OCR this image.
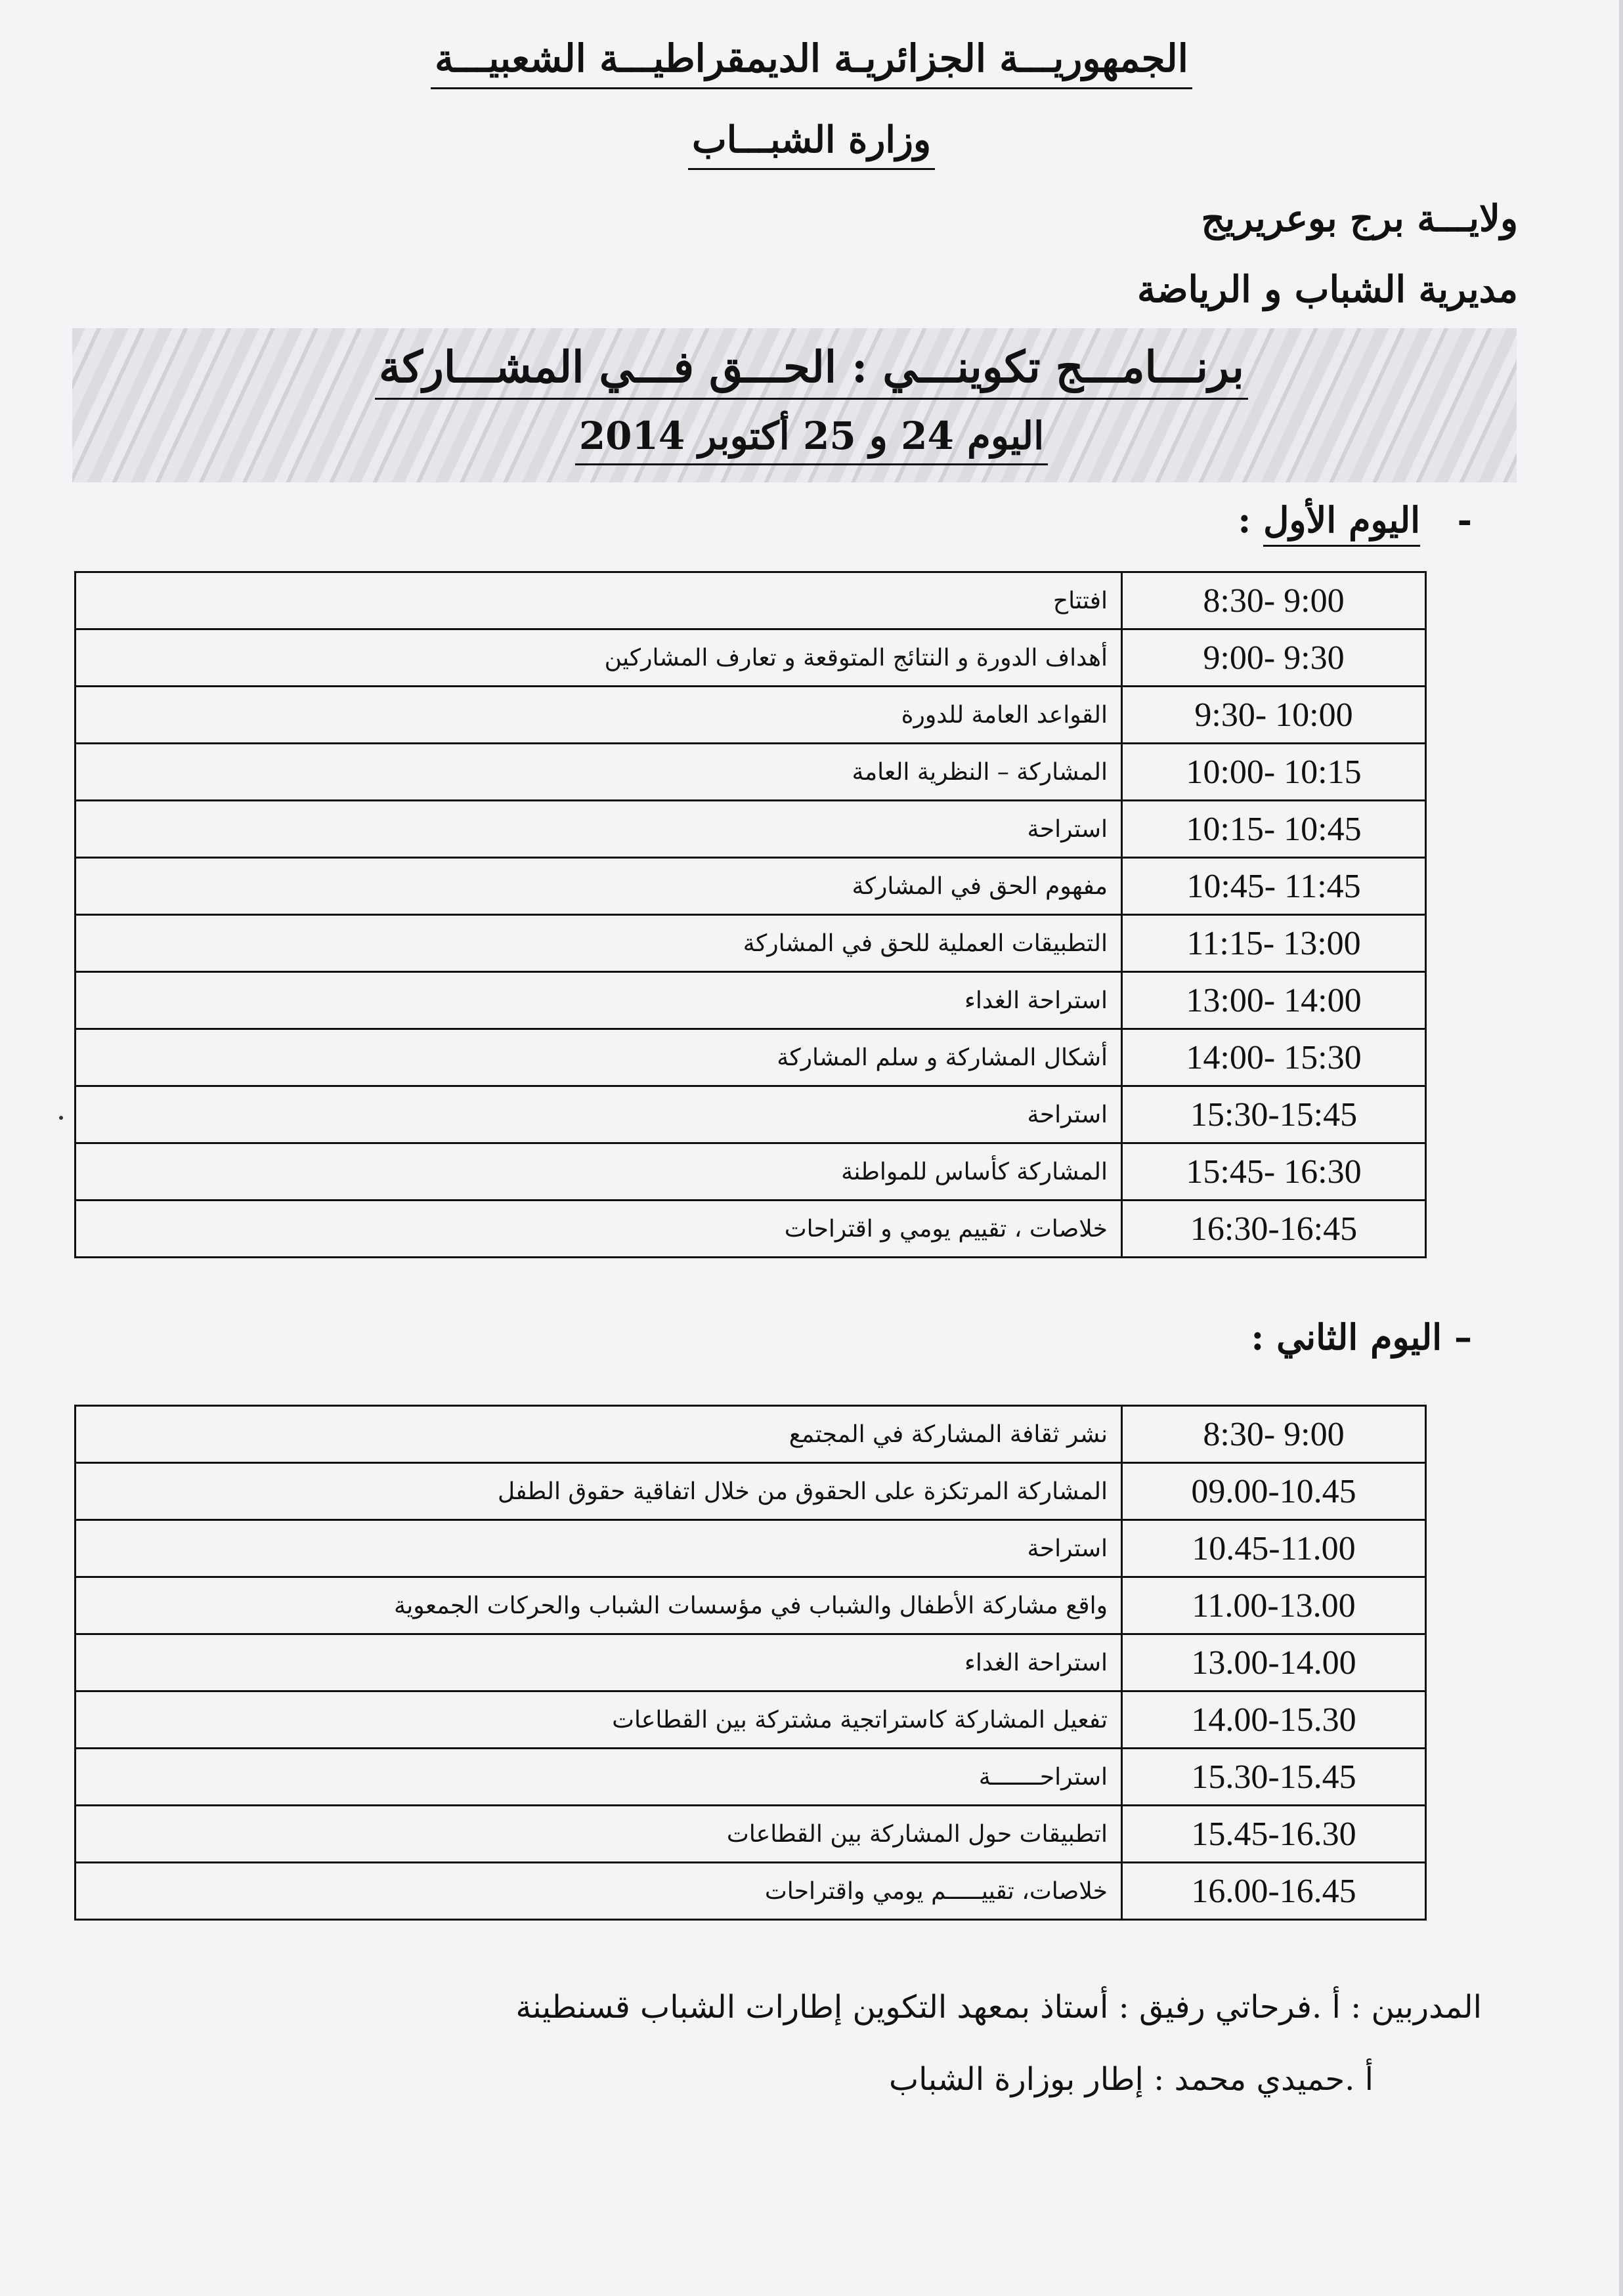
الجمهوريـــة الجزائريـة الديمقراطيـــة الشعبيـــة
وزارة الشبـــاب
ولايـــة برج بوعريريج
مديرية الشباب و الرياضة
برنـــامـــج تكوينـــي : الحـــق فـــي المشـــاركة
اليوم 24 و 25 أكتوبر 2014
-   اليوم الأول :
8:30- 9:00	افتتاح
9:00- 9:30	أهداف الدورة و النتائج المتوقعة و تعارف المشاركين
9:30- 10:00	القواعد العامة للدورة
10:00- 10:15	المشاركة – النظرية العامة
10:15- 10:45	استراحة
10:45- 11:45	مفهوم الحق في المشاركة
11:15- 13:00	التطبيقات العملية للحق في المشاركة
13:00- 14:00	استراحة الغداء
14:00- 15:30	أشكال المشاركة و سلم المشاركة
15:30-15:45	استراحة
15:45- 16:30	المشاركة كأساس للمواطنة
16:30-16:45	خلاصات ، تقييم يومي و اقتراحات
– اليوم الثاني :
8:30- 9:00	نشر ثقافة المشاركة في المجتمع
09.00-10.45	المشاركة المرتكزة على الحقوق من خلال اتفاقية حقوق الطفل
10.45-11.00	استراحة
11.00-13.00	واقع مشاركة الأطفال والشباب في مؤسسات الشباب والحركات الجمعوية
13.00-14.00	استراحة الغداء
14.00-15.30	تفعيل المشاركة كاستراتجية مشتركة بين القطاعات
15.30-15.45	استراحـــــــة
15.45-16.30	اتطبيقات حول المشاركة بين القطاعات
16.00-16.45	خلاصات، تقييـــــم يومي واقتراحات
المدربين : أ .فرحاتي رفيق : أستاذ بمعهد التكوين إطارات الشباب قسنطينة
أ .حميدي محمد : إطار بوزارة الشباب
